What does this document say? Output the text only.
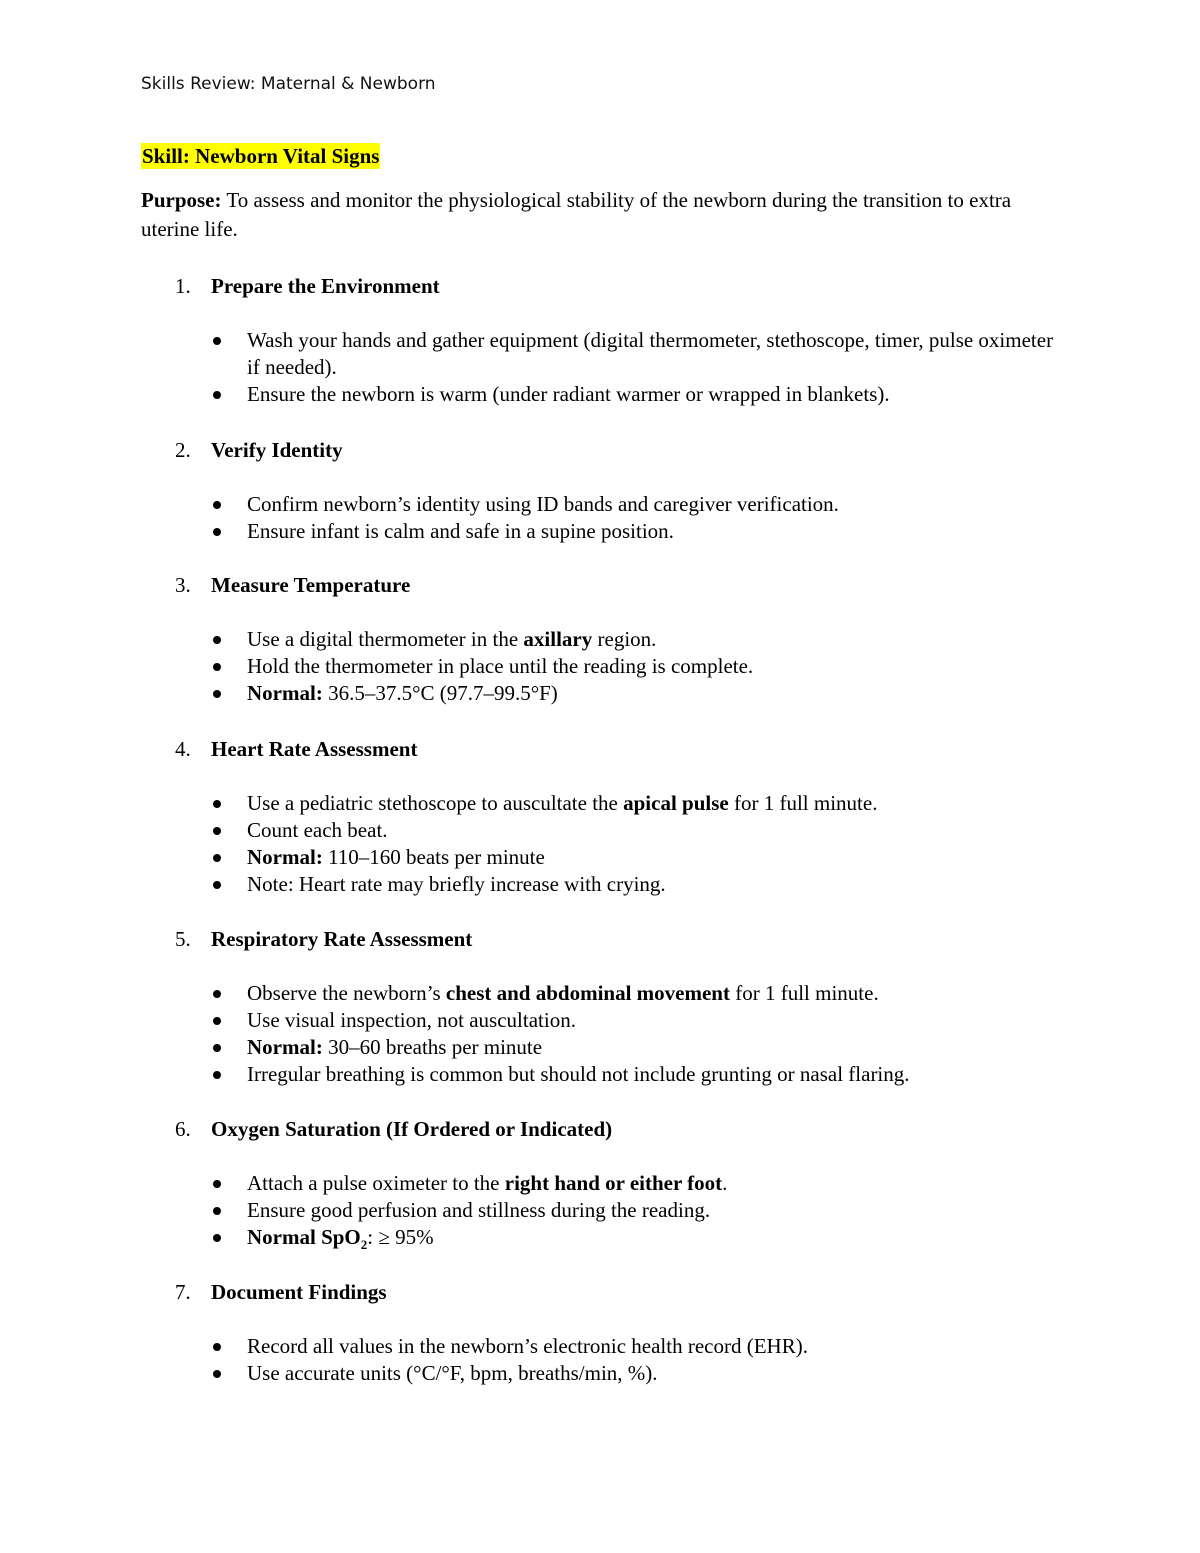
Skills Review: Maternal & Newborn
Skill: Newborn Vital Signs
Purpose: To assess and monitor the physiological stability of the newborn during the transition to extra uterine life.
1. Prepare the Environment
Wash your hands and gather equipment (digital thermometer, stethoscope, timer, pulse oximeter if needed).
Ensure the newborn is warm (under radiant warmer or wrapped in blankets).
2. Verify Identity
Confirm newborn’s identity using ID bands and caregiver verification.
Ensure infant is calm and safe in a supine position.
3. Measure Temperature
Use a digital thermometer in the axillary region.
Hold the thermometer in place until the reading is complete.
Normal: 36.5–37.5°C (97.7–99.5°F)
4. Heart Rate Assessment
Use a pediatric stethoscope to auscultate the apical pulse for 1 full minute.
Count each beat.
Normal: 110–160 beats per minute
Note: Heart rate may briefly increase with crying.
5. Respiratory Rate Assessment
Observe the newborn’s chest and abdominal movement for 1 full minute.
Use visual inspection, not auscultation.
Normal: 30–60 breaths per minute
Irregular breathing is common but should not include grunting or nasal flaring.
6. Oxygen Saturation (If Ordered or Indicated)
Attach a pulse oximeter to the right hand or either foot.
Ensure good perfusion and stillness during the reading.
Normal SpO$_2$: ≥ 95%
7. Document Findings
Record all values in the newborn’s electronic health record (EHR).
Use accurate units (°C/°F, bpm, breaths/min, %).
